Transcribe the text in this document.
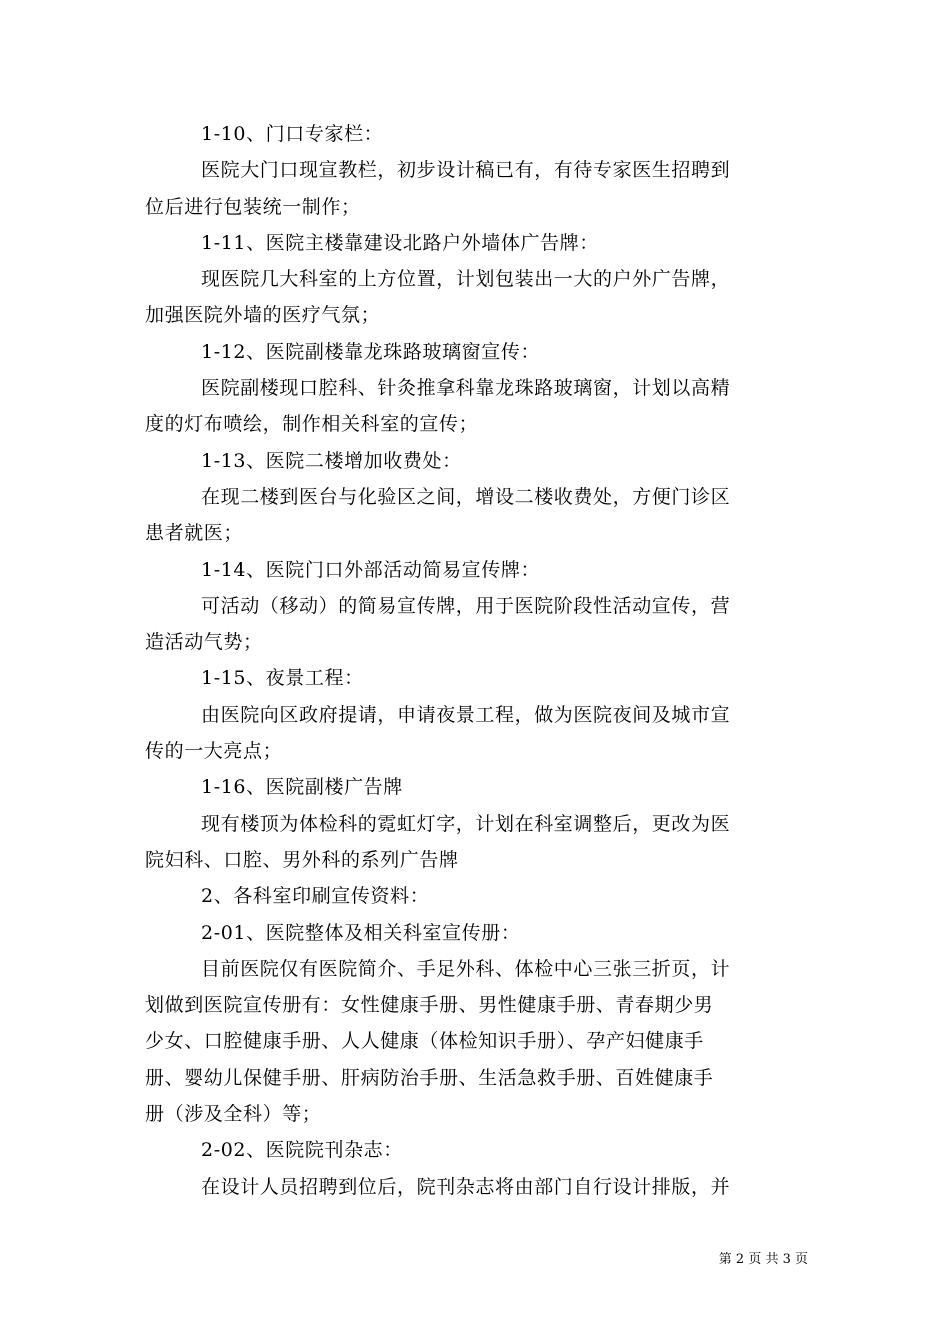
1-10、门口专家栏：
医院大门口现宣教栏，初步设计稿已有，有待专家医生招聘到
位后进行包装统一制作；
1-11、医院主楼靠建设北路户外墙体广告牌：
现医院几大科室的上方位置，计划包装出一大的户外广告牌，
加强医院外墙的医疗气氛；
1-12、医院副楼靠龙珠路玻璃窗宣传：
医院副楼现口腔科、针灸推拿科靠龙珠路玻璃窗，计划以高精
度的灯布喷绘，制作相关科室的宣传；
1-13、医院二楼增加收费处：
在现二楼到医台与化验区之间，增设二楼收费处，方便门诊区
患者就医；
1-14、医院门口外部活动简易宣传牌：
可活动（移动）的简易宣传牌，用于医院阶段性活动宣传，营
造活动气势；
1-15、夜景工程：
由医院向区政府提请，申请夜景工程，做为医院夜间及城市宣
传的一大亮点；
1-16、医院副楼广告牌
现有楼顶为体检科的霓虹灯字，计划在科室调整后，更改为医
院妇科、口腔、男外科的系列广告牌
2、各科室印刷宣传资料：
2-01、医院整体及相关科室宣传册：
目前医院仅有医院简介、手足外科、体检中心三张三折页，计
划做到医院宣传册有：女性健康手册、男性健康手册、青春期少男
少女、口腔健康手册、人人健康（体检知识手册）、孕产妇健康手
册、婴幼儿保健手册、肝病防治手册、生活急救手册、百姓健康手
册（涉及全科）等；
2-02、医院院刊杂志：
在设计人员招聘到位后，院刊杂志将由部门自行设计排版，并
第 2 页 共 3 页
